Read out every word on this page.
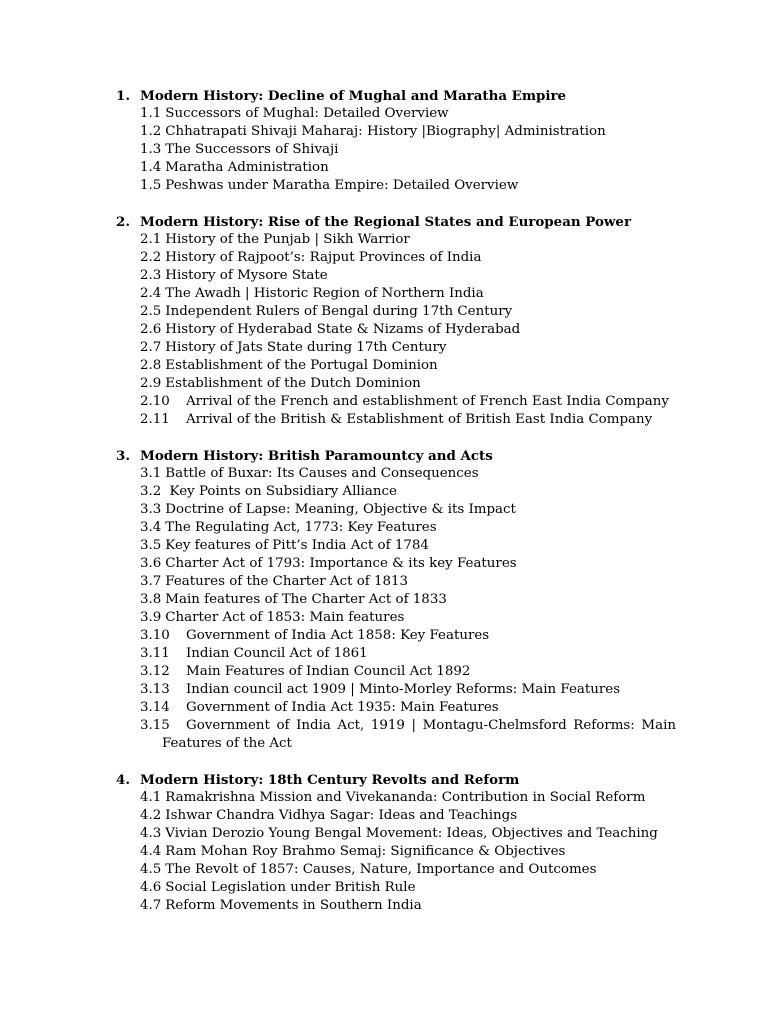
1. Modern History: Decline of Mughal and Maratha Empire
1.1 Successors of Mughal: Detailed Overview
1.2 Chhatrapati Shivaji Maharaj: History |Biography| Administration
1.3 The Successors of Shivaji
1.4 Maratha Administration
1.5 Peshwas under Maratha Empire: Detailed Overview
2. Modern History: Rise of the Regional States and European Power
2.1 History of the Punjab | Sikh Warrior
2.2 History of Rajpoot’s: Rajput Provinces of India
2.3 History of Mysore State
2.4 The Awadh | Historic Region of Northern India
2.5 Independent Rulers of Bengal during 17th Century
2.6 History of Hyderabad State & Nizams of Hyderabad
2.7 History of Jats State during 17th Century
2.8 Establishment of the Portugal Dominion
2.9 Establishment of the Dutch Dominion
2.10 Arrival of the French and establishment of French East India Company
2.11 Arrival of the British & Establishment of British East India Company
3. Modern History: British Paramountcy and Acts
3.1 Battle of Buxar: Its Causes and Consequences
3.2 Key Points on Subsidiary Alliance
3.3 Doctrine of Lapse: Meaning, Objective & its Impact
3.4 The Regulating Act, 1773: Key Features
3.5 Key features of Pitt’s India Act of 1784
3.6 Charter Act of 1793: Importance & its key Features
3.7 Features of the Charter Act of 1813
3.8 Main features of The Charter Act of 1833
3.9 Charter Act of 1853: Main features
3.10 Government of India Act 1858: Key Features
3.11 Indian Council Act of 1861
3.12 Main Features of Indian Council Act 1892
3.13 Indian council act 1909 | Minto-Morley Reforms: Main Features
3.14 Government of India Act 1935: Main Features
3.15 Government of India Act, 1919 | Montagu-Chelmsford Reforms: Main
Features of the Act
4. Modern History: 18th Century Revolts and Reform
4.1 Ramakrishna Mission and Vivekananda: Contribution in Social Reform
4.2 Ishwar Chandra Vidhya Sagar: Ideas and Teachings
4.3 Vivian Derozio Young Bengal Movement: Ideas, Objectives and Teaching
4.4 Ram Mohan Roy Brahmo Semaj: Significance & Objectives
4.5 The Revolt of 1857: Causes, Nature, Importance and Outcomes
4.6 Social Legislation under British Rule
4.7 Reform Movements in Southern India
